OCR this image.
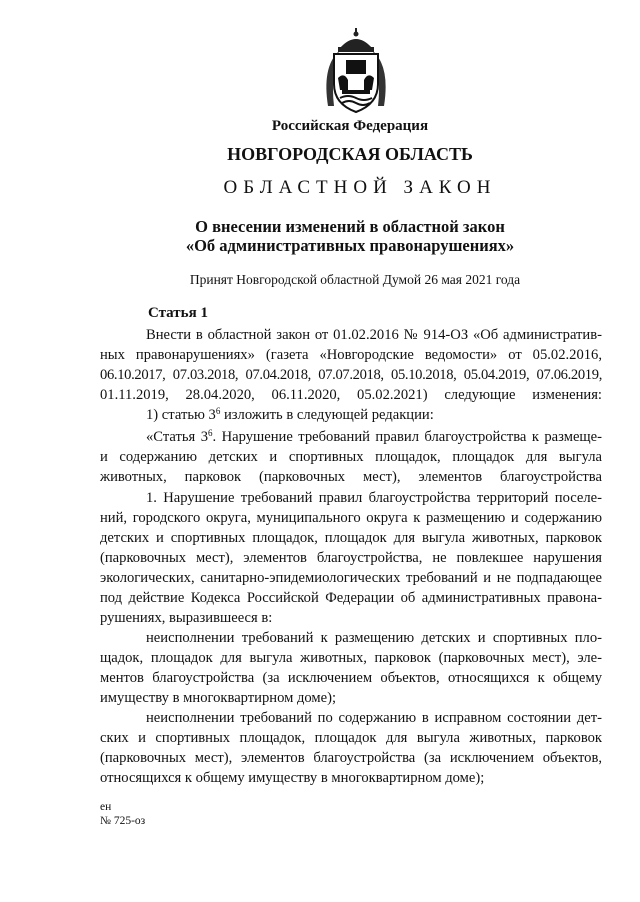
Российская Федерация
НОВГОРОДСКАЯ ОБЛАСТЬ
ОБЛАСТНОЙ ЗАКОН
О внесении изменений в областной закон
«Об административных правонарушениях»
Принят Новгородской областной Думой 26 мая 2021 года
Статья 1
Внести в областной закон от 01.02.2016 № 914-ОЗ «Об административ-
ных правонарушениях» (газета «Новгородские ведомости» от 05.02.2016,
06.10.2017, 07.03.2018, 07.04.2018, 07.07.2018, 05.10.2018, 05.04.2019, 07.06.2019,
01.11.2019, 28.04.2020, 06.11.2020, 05.02.2021) следующие изменения:
1) статью $3^6$ изложить в следующей редакции:
«Статья $3^6$. Нарушение требований правил благоустройства к размеще-
и содержанию детских и спортивных площадок, площадок для выгула
животных, парковок (парковочных мест), элементов благоустройства
1. Нарушение требований правил благоустройства территорий поселе-
ний, городского округа, муниципального округа к размещению и содержанию
детских и спортивных площадок, площадок для выгула животных, парковок
(парковочных мест), элементов благоустройства, не повлекшее нарушения
экологических, санитарно-эпидемиологических требований и не подпадающее
под действие Кодекса Российской Федерации об административных правона-
рушениях, выразившееся в:
неисполнении требований к размещению детских и спортивных пло-
щадок, площадок для выгула животных, парковок (парковочных мест), эле-
ментов благоустройства (за исключением объектов, относящихся к общему
имуществу в многоквартирном доме);
неисполнении требований по содержанию в исправном состоянии дет-
ских и спортивных площадок, площадок для выгула животных, парковок
(парковочных мест), элементов благоустройства (за исключением объектов,
относящихся к общему имуществу в многоквартирном доме);
ен
№ 725-оз
